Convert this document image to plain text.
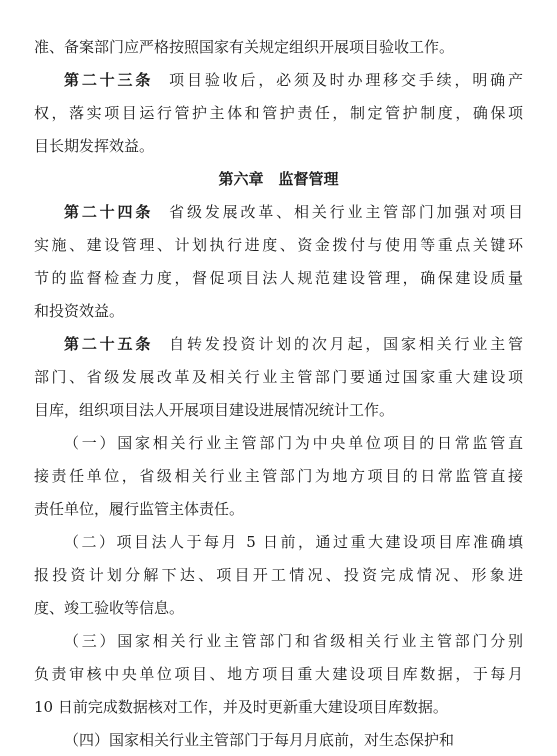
准、备案部门应严格按照国家有关规定组织开展项目验收工作。
第二十三条 项目验收后，必须及时办理移交手续，明确产
权，落实项目运行管护主体和管护责任，制定管护制度，确保项
目长期发挥效益。
第六章　监督管理
第二十四条 省级发展改革、相关行业主管部门加强对项目
实施、建设管理、计划执行进度、资金拨付与使用等重点关键环
节的监督检查力度，督促项目法人规范建设管理，确保建设质量
和投资效益。
第二十五条 自转发投资计划的次月起，国家相关行业主管
部门、省级发展改革及相关行业主管部门要通过国家重大建设项
目库，组织项目法人开展项目建设进展情况统计工作。
（一）国家相关行业主管部门为中央单位项目的日常监管直
接责任单位，省级相关行业主管部门为地方项目的日常监管直接
责任单位，履行监管主体责任。
（二）项目法人于每月 5 日前，通过重大建设项目库准确填
报投资计划分解下达、项目开工情况、投资完成情况、形象进
度、竣工验收等信息。
（三）国家相关行业主管部门和省级相关行业主管部门分别
负责审核中央单位项目、地方项目重大建设项目库数据，于每月
10 日前完成数据核对工作，并及时更新重大建设项目库数据。
（四）国家相关行业主管部门于每月月底前，对生态保护和
